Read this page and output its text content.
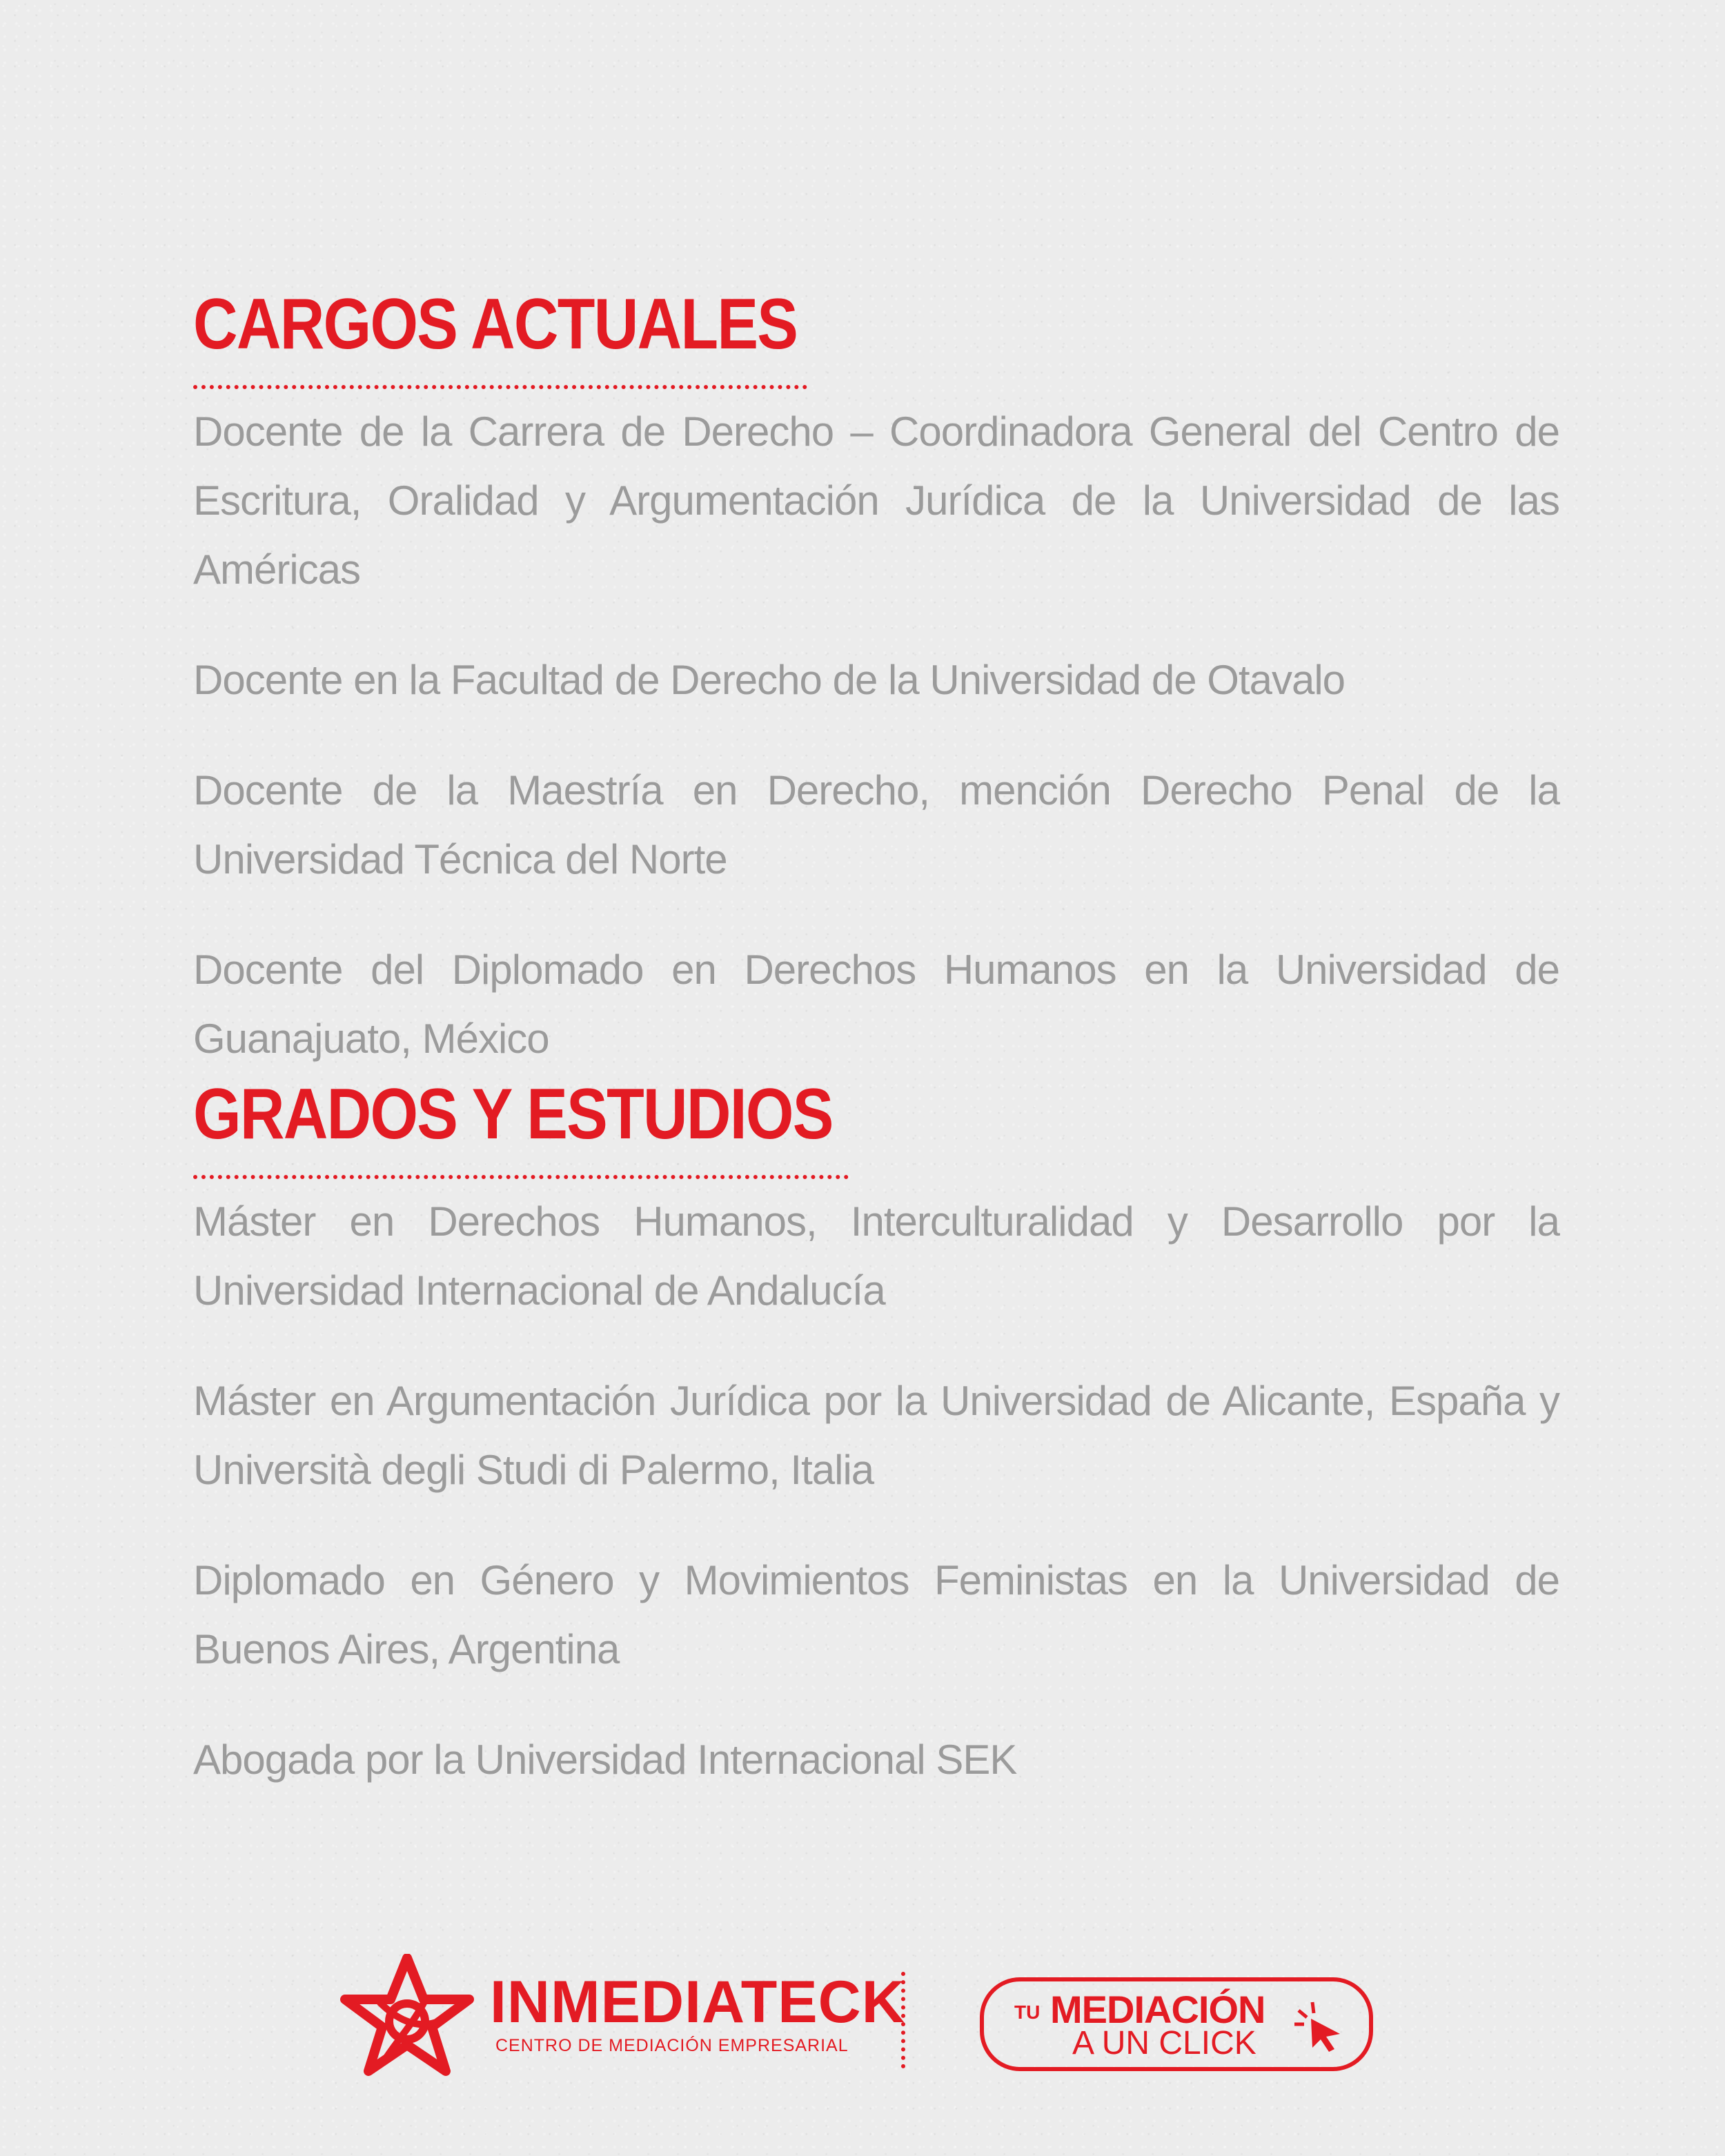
CARGOS ACTUALES

Docente de la Carrera de Derecho – Coordinadora General del Centro de Escritura, Oralidad y Argumentación Jurídica de la Universidad de las Américas

Docente en la Facultad de Derecho de la Universidad de Otavalo

Docente de la Maestría en Derecho, mención Derecho Penal de la Universidad Técnica del Norte

Docente del Diplomado en Derechos Humanos en la Universidad de Guanajuato, México

GRADOS Y ESTUDIOS

Máster en Derechos Humanos, Interculturalidad y Desarrollo por la Universidad Internacional de Andalucía

Máster en Argumentación Jurídica por la Universidad de Alicante, España y Università degli Studi di Palermo, Italia

Diplomado en Género y Movimientos Feministas en la Universidad de Buenos Aires, Argentina

Abogada por la Universidad Internacional SEK

INMEDIATECK
CENTRO DE MEDIACIÓN EMPRESARIAL
TU MEDIACIÓN
A UN CLICK
